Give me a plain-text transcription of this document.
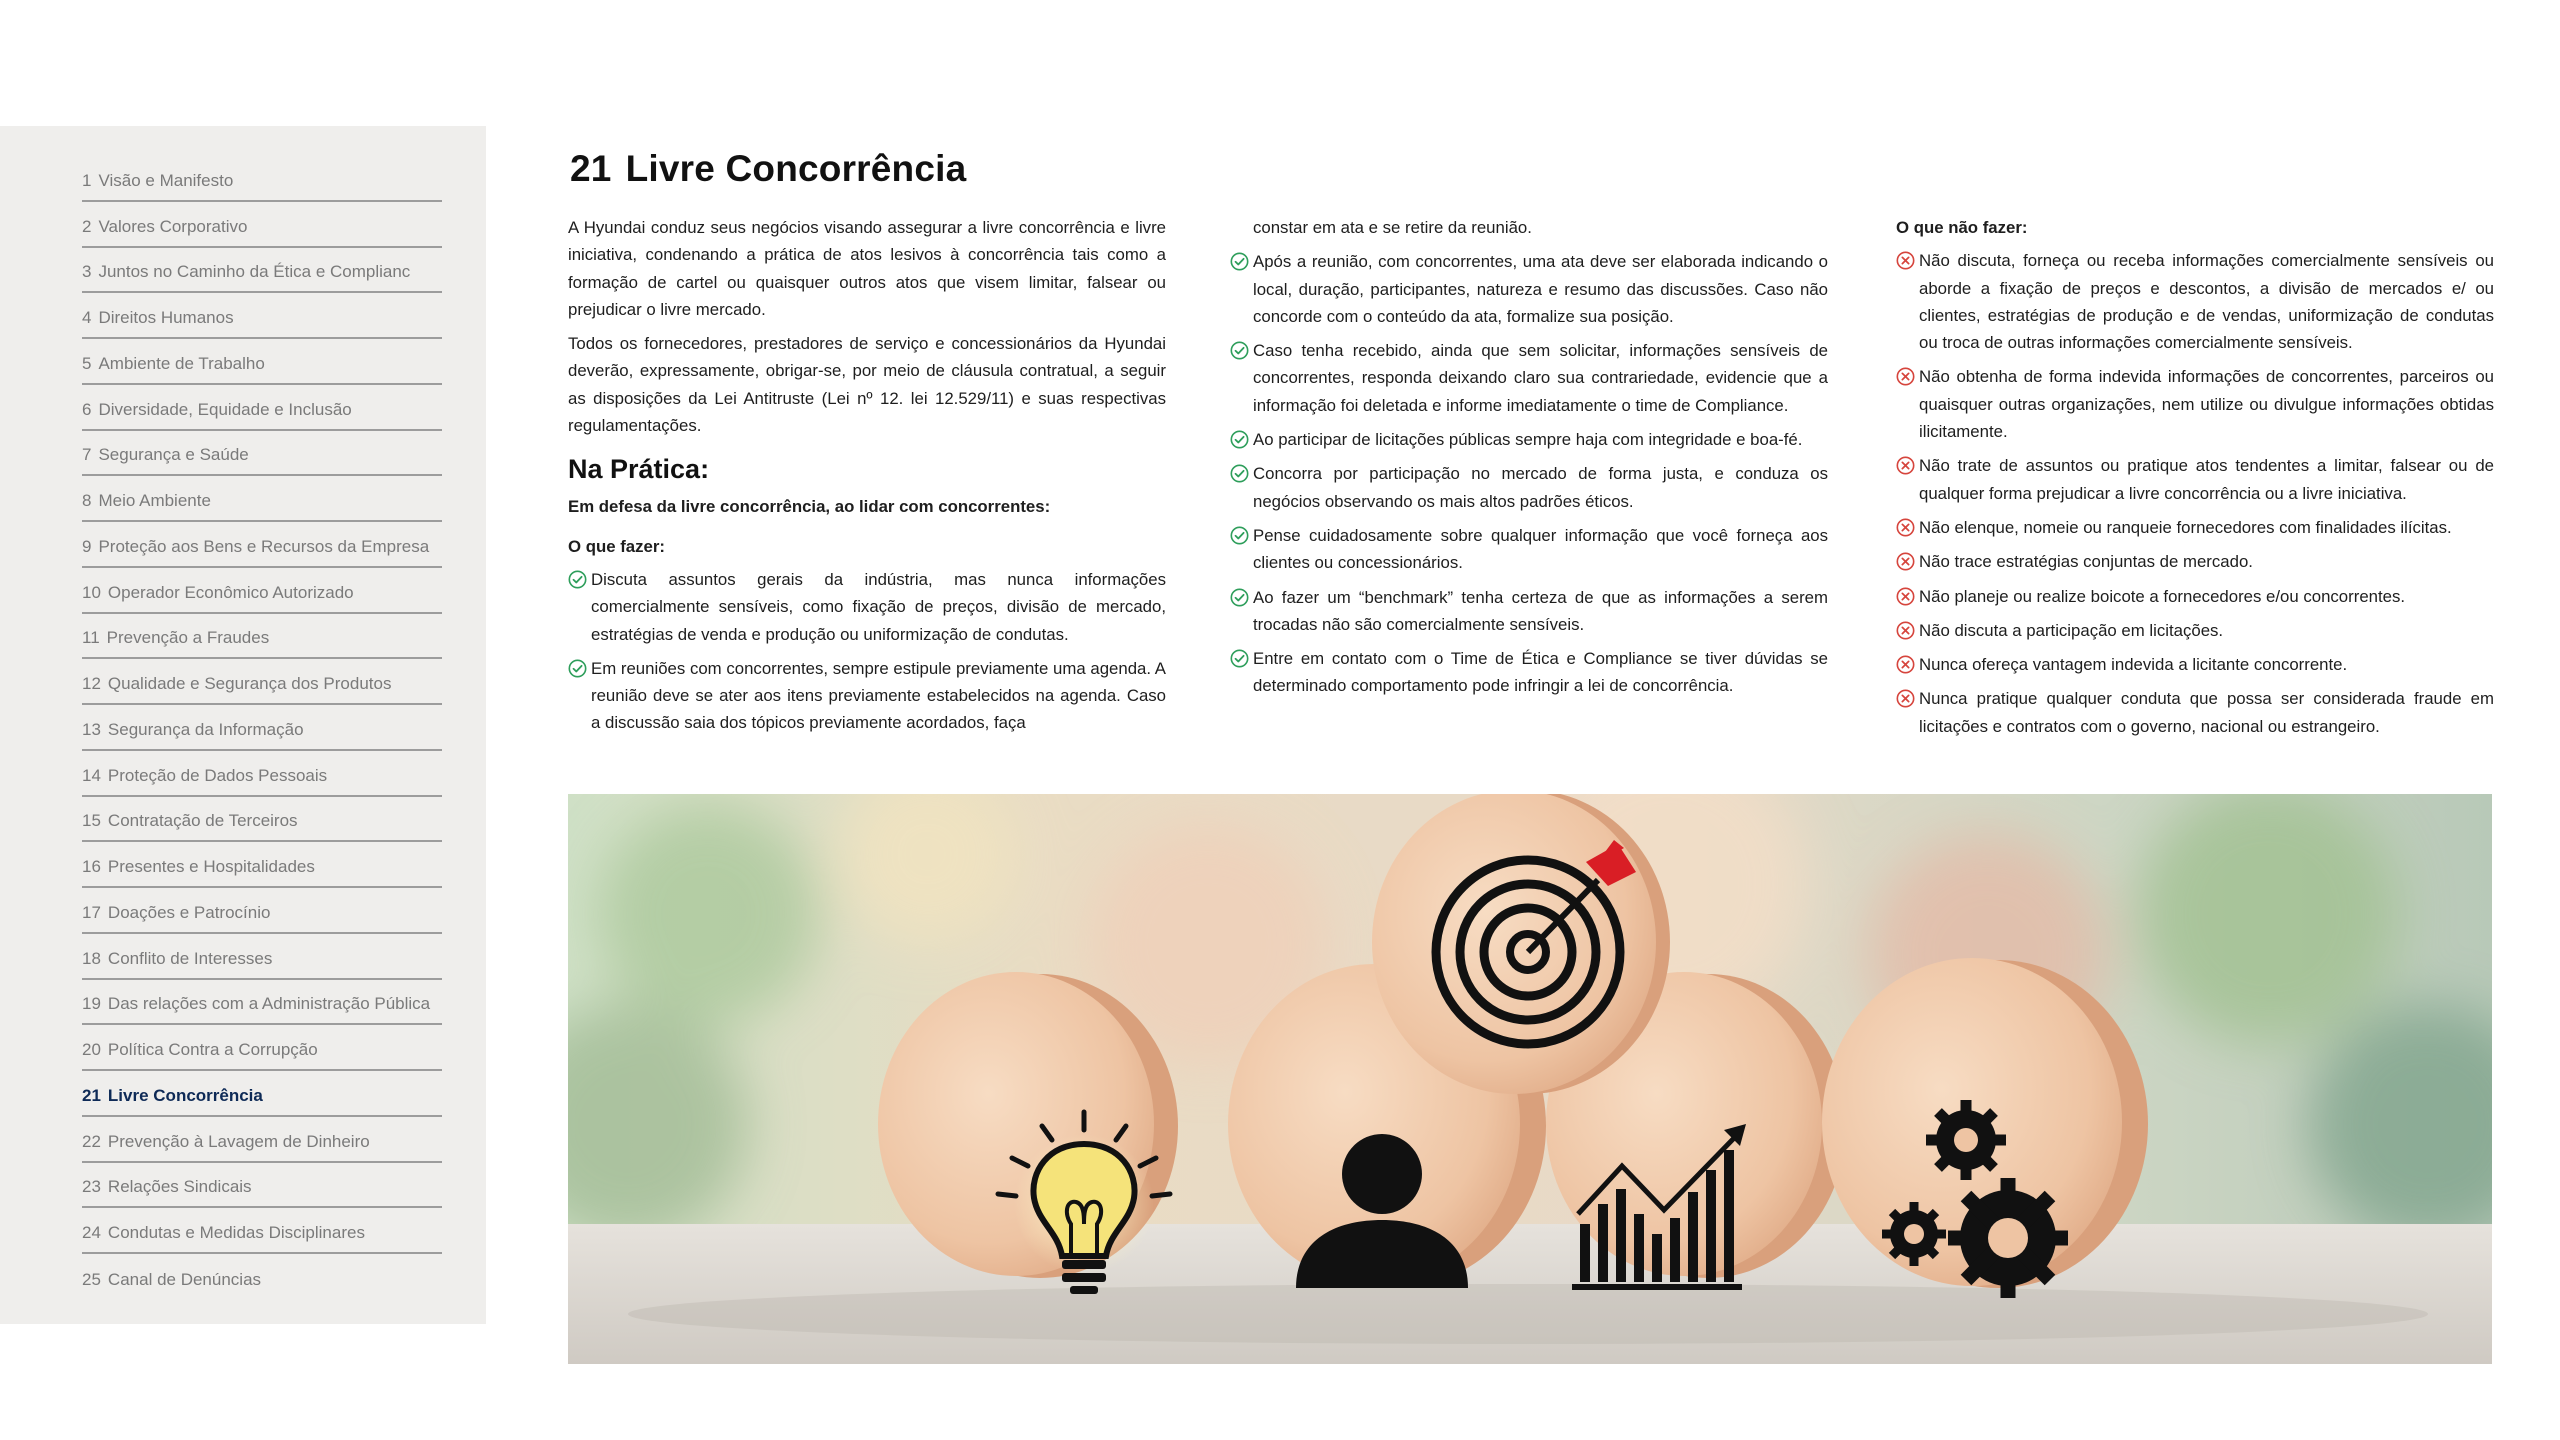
1 Visão e Manifesto
2 Valores Corporativo
3 Juntos no Caminho da Ética e Complianc
4 Direitos Humanos
5 Ambiente de Trabalho
6 Diversidade, Equidade e Inclusão
7 Segurança e Saúde
8 Meio Ambiente
9 Proteção aos Bens e Recursos da Empresa
10 Operador Econômico Autorizado
11 Prevenção a Fraudes
12 Qualidade e Segurança dos Produtos
13 Segurança da Informação
14 Proteção de Dados Pessoais
15 Contratação de Terceiros
16 Presentes e Hospitalidades
17 Doações e Patrocínio
18 Conflito de Interesses
19 Das relações com a Administração Pública
20 Política Contra a Corrupção
21 Livre Concorrência
22 Prevenção à Lavagem de Dinheiro
23 Relações Sindicais
24 Condutas e Medidas Disciplinares
25 Canal de Denúncias
21 Livre Concorrência

A Hyundai conduz seus negócios visando assegurar a livre concorrência e livre iniciativa, condenando a prática de atos lesivos à concorrência tais como a formação de cartel ou quaisquer outros atos que visem limitar, falsear ou prejudicar o livre mercado.

Todos os fornecedores, prestadores de serviço e concessionários da Hyundai deverão, expressamente, obrigar-se, por meio de cláusula contratual, a seguir as disposições da Lei Antitruste (Lei nº 12. lei 12.529/11) e suas respectivas regulamentações.

Na Prática:

Em defesa da livre concorrência, ao lidar com concorrentes:

O que fazer:

Discuta assuntos gerais da indústria, mas nunca informações comercialmente sensíveis, como fixação de preços, divisão de mercado, estratégias de venda e produção ou uniformização de condutas.
Em reuniões com concorrentes, sempre estipule previamente uma agenda. A reunião deve se ater aos itens previamente estabelecidos na agenda. Caso a discussão saia dos tópicos previamente acordados, faça

constar em ata e se retire da reunião.

Após a reunião, com concorrentes, uma ata deve ser elaborada indicando o local, duração, participantes, natureza e resumo das discussões. Caso não concorde com o conteúdo da ata, formalize sua posição.
Caso tenha recebido, ainda que sem solicitar, informações sensíveis de concorrentes, responda deixando claro sua contrariedade, evidencie que a informação foi deletada e informe imediatamente o time de Compliance.
Ao participar de licitações públicas sempre haja com integridade e boa-fé.
Concorra por participação no mercado de forma justa, e conduza os negócios observando os mais altos padrões éticos.
Pense cuidadosamente sobre qualquer informação que você forneça aos clientes ou concessionários.
Ao fazer um “benchmark” tenha certeza de que as informações a serem trocadas não são comercialmente sensíveis.
Entre em contato com o Time de Ética e Compliance se tiver dúvidas se determinado comportamento pode infringir a lei de concorrência.

O que não fazer:

Não discuta, forneça ou receba informações comercialmente sensíveis ou aborde a fixação de preços e descontos, a divisão de mercados e/ ou clientes, estratégias de produção e de vendas, uniformização de condutas ou troca de outras informações comercialmente sensíveis.
Não obtenha de forma indevida informações de concorrentes, parceiros ou quaisquer outras organizações, nem utilize ou divulgue informações obtidas ilicitamente.
Não trate de assuntos ou pratique atos tendentes a limitar, falsear ou de qualquer forma prejudicar a livre concorrência ou a livre iniciativa.
Não elenque, nomeie ou ranqueie fornecedores com finalidades ilícitas.
Não trace estratégias conjuntas de mercado.
Não planeje ou realize boicote a fornecedores e/ou concorrentes.
Não discuta a participação em licitações.
Nunca ofereça vantagem indevida a licitante concorrente.
Nunca pratique qualquer conduta que possa ser considerada fraude em licitações e contratos com o governo, nacional ou estrangeiro.
